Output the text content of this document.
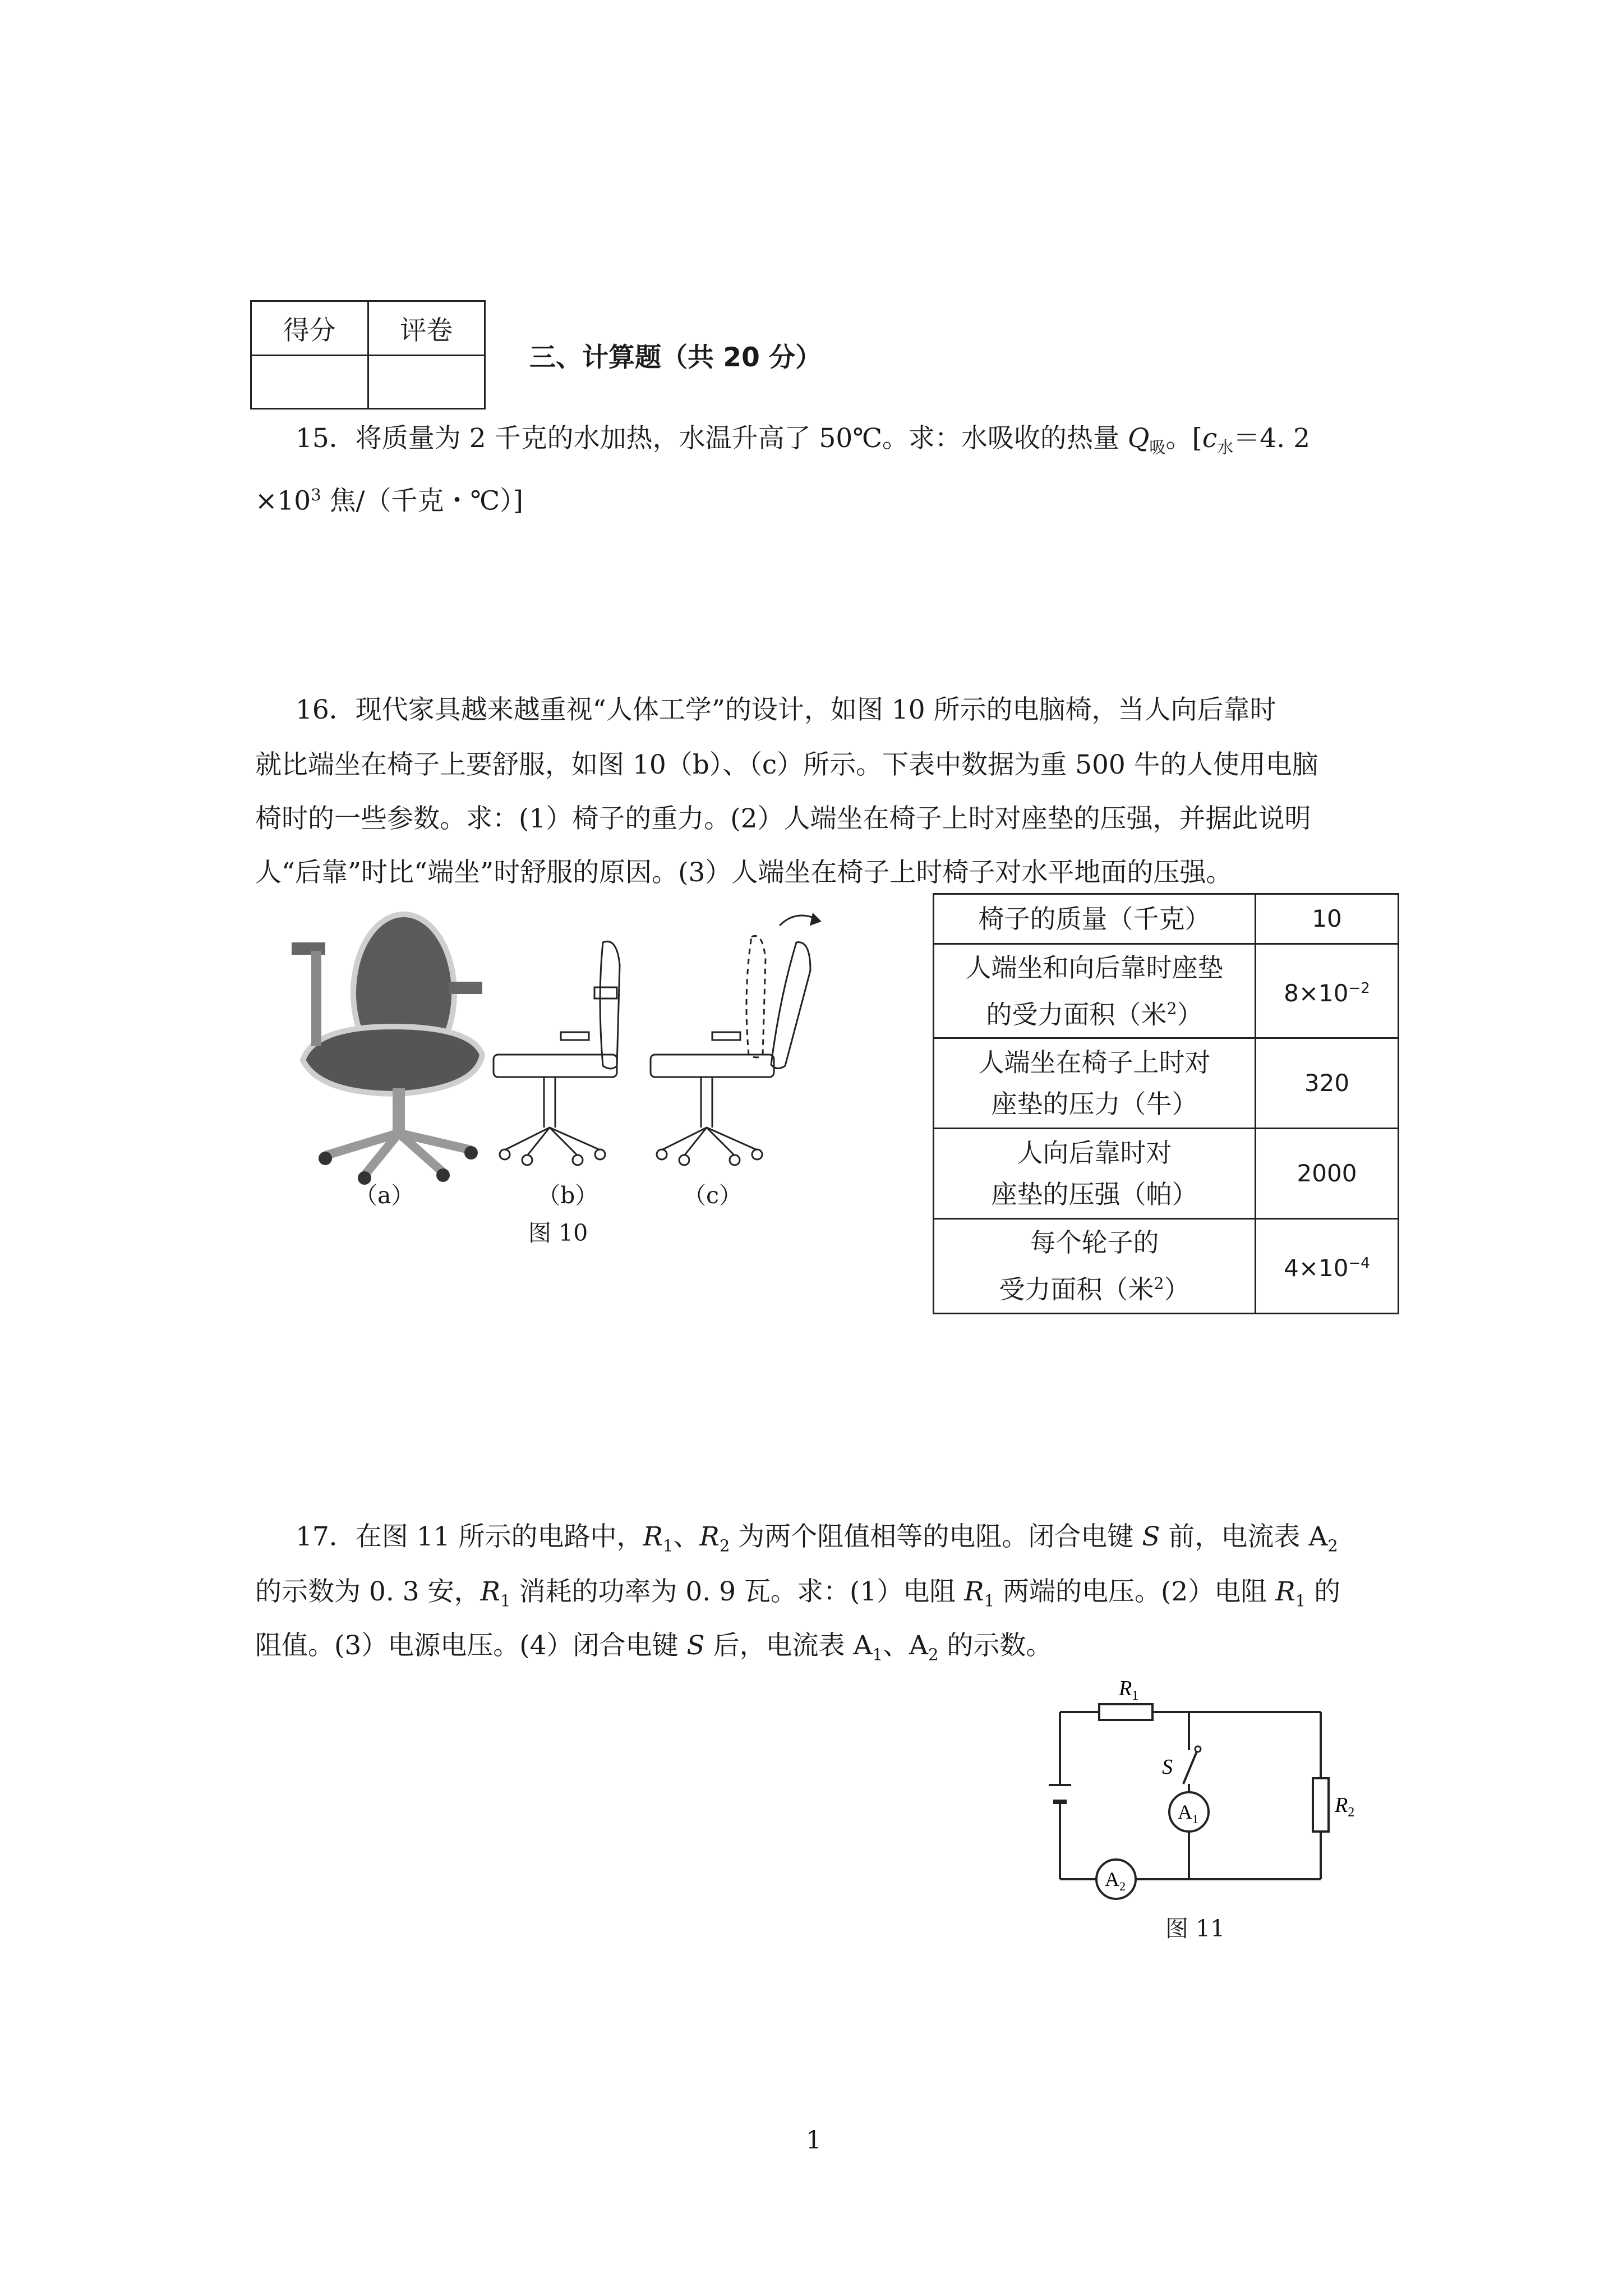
得分	评卷

三、计算题（共 20 分）
15．将质量为 2 千克的水加热，水温升高了 50℃。求：水吸收的热量 $Q_吸$。[$c_水=4$. 2
$\times 10^3$ 焦/（千克・℃）]
16．现代家具越来越重视“人体工学”的设计，如图 10 所示的电脑椅，当人向后靠时
就比端坐在椅子上要舒服，如图 10（b）、（c）所示。下表中数据为重 500 牛的人使用电脑
椅时的一些参数。求：(1）椅子的重力。(2）人端坐在椅子上时对座垫的压强，并据此说明
人“后靠”时比“端坐”时舒服的原因。(3）人端坐在椅子上时椅子对水平地面的压强。
（a）	（b）	（c）
图 10
椅子的质量（千克）	10
人端坐和向后靠时座垫
的受力面积（米$^2$）	$8\times 10^{-2}$
人端坐在椅子上时对
座垫的压力（牛）	320
人向后靠时对
座垫的压强（帕）	2000
每个轮子的
受力面积（米$^2$）	$4\times 10^{-4}$
17．在图 11 所示的电路中，$R_1$、$R_2$ 为两个阻值相等的电阻。闭合电键 S 前，电流表 $A_2$
的示数为 0. 3 安，$R_1$ 消耗的功率为 0. 9 瓦。求：(1）电阻 $R_1$ 两端的电压。(2）电阻 $R_1$ 的
阻值。(3）电源电压。(4）闭合电键 S 后，电流表 $A_1$、$A_2$ 的示数。
$R_1$
$R_2$
S
$A_1$
$A_2$
图 11
1
